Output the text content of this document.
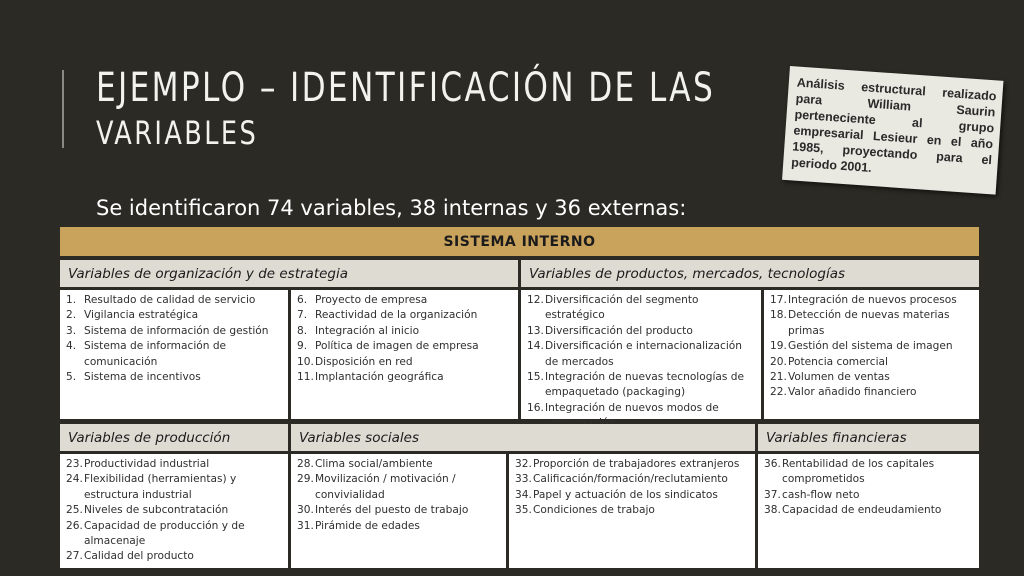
EJEMPLO – IDENTIFICACIÓN DE LAS
VARIABLES
Se identificaron 74 variables, 38 internas y 36 externas:
Análisis estructural realizado para William Saurin perteneciente al grupo empresarial Lesieur en el año 1985, proyectando para el periodo 2001.
SISTEMA INTERNO
Variables de organización y de estrategia	Variables de productos, mercados, tecnologías
1. Resultado de calidad de servicio
2. Vigilancia estratégica
3. Sistema de información de gestión
4. Sistema de información de comunicación
5. Sistema de incentivos
6. Proyecto de empresa
7. Reactividad de la organización
8. Integración al inicio
9. Política de imagen de empresa
10. Disposición en red
11. Implantación geográfica
12. Diversificación del segmento estratégico
13. Diversificación del producto
14. Diversificación e internacionalización de mercados
15. Integración de nuevas tecnologías de empaquetado (packaging)
16. Integración de nuevos modos de
17. Integración de nuevos procesos
18. Detección de nuevas materias primas
19. Gestión del sistema de imagen
20. Potencia comercial
21. Volumen de ventas
22. Valor añadido financiero
Variables de producción	Variables sociales	Variables financieras
23. Productividad industrial
24. Flexibilidad (herramientas) y estructura industrial
25. Niveles de subcontratación
26. Capacidad de producción y de almacenaje
27. Calidad del producto
28. Clima social/ambiente
29. Movilización / motivación / convivialidad
30. Interés del puesto de trabajo
31. Pirámide de edades
32. Proporción de trabajadores extranjeros
33. Calificación/formación/reclutamiento
34. Papel y actuación de los sindicatos
35. Condiciones de trabajo
36. Rentabilidad de los capitales comprometidos
37. cash-flow neto
38. Capacidad de endeudamiento
